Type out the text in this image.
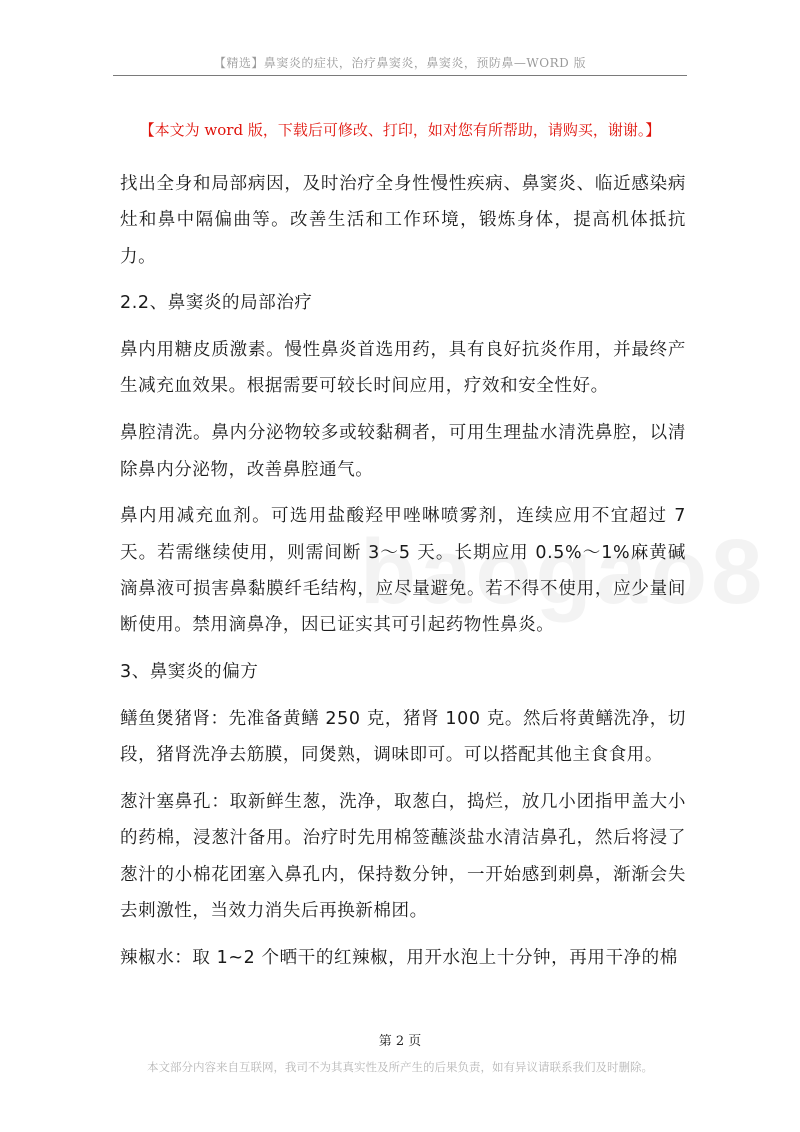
【精选】鼻窦炎的症状，治疗鼻窦炎，鼻窦炎，预防鼻—WORD 版
【本文为 word 版，下载后可修改、打印，如对您有所帮助，请购买，谢谢。】

找出全身和局部病因，及时治疗全身性慢性疾病、鼻窦炎、临近感染病灶和鼻中隔偏曲等。改善生活和工作环境，锻炼身体，提高机体抵抗力。

2.2、鼻窦炎的局部治疗

鼻内用糖皮质激素。慢性鼻炎首选用药，具有良好抗炎作用，并最终产生减充血效果。根据需要可较长时间应用，疗效和安全性好。

鼻腔清洗。鼻内分泌物较多或较黏稠者，可用生理盐水清洗鼻腔，以清除鼻内分泌物，改善鼻腔通气。

鼻内用减充血剂。可选用盐酸羟甲唑啉喷雾剂，连续应用不宜超过 7 天。若需继续使用，则需间断 3～5 天。长期应用 0.5%～1%麻黄碱滴鼻液可损害鼻黏膜纤毛结构，应尽量避免。若不得不使用，应少量间断使用。禁用滴鼻净，因已证实其可引起药物性鼻炎。

3、鼻窦炎的偏方

鳝鱼煲猪肾：先准备黄鳝 250 克，猪肾 100 克。然后将黄鳝洗净，切段，猪肾洗净去筋膜，同煲熟，调味即可。可以搭配其他主食食用。

葱汁塞鼻孔：取新鲜生葱，洗净，取葱白，捣烂，放几小团指甲盖大小的药棉，浸葱汁备用。治疗时先用棉签蘸淡盐水清洁鼻孔，然后将浸了葱汁的小棉花团塞入鼻孔内，保持数分钟，一开始感到刺鼻，渐渐会失去刺激性，当效力消失后再换新棉团。

辣椒水：取 1~2 个晒干的红辣椒，用开水泡上十分钟，再用干净的棉

第 2 页
本文部分内容来自互联网，我司不为其真实性及所产生的后果负责，如有异议请联系我们及时删除。
